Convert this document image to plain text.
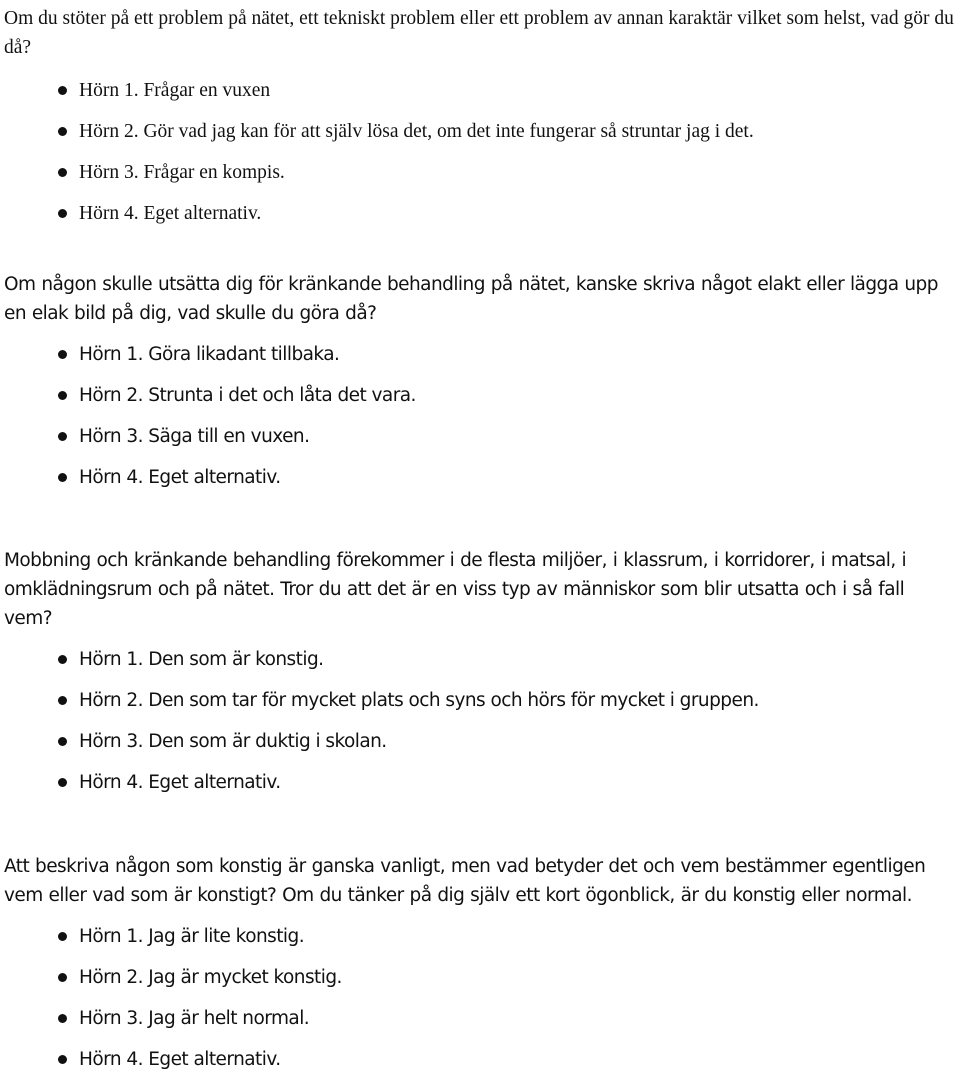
Om du stöter på ett problem på nätet, ett tekniskt problem eller ett problem av annan karaktär vilket som helst, vad gör du då?

Hörn 1. Frågar en vuxen
Hörn 2. Gör vad jag kan för att själv lösa det, om det inte fungerar så struntar jag i det.
Hörn 3. Frågar en kompis.
Hörn 4. Eget alternativ.

Om någon skulle utsätta dig för kränkande behandling på nätet, kanske skriva något elakt eller lägga upp en elak bild på dig, vad skulle du göra då?

Hörn 1. Göra likadant tillbaka.
Hörn 2. Strunta i det och låta det vara.
Hörn 3. Säga till en vuxen.
Hörn 4. Eget alternativ.

Mobbning och kränkande behandling förekommer i de flesta miljöer, i klassrum, i korridorer, i matsal, i omklädningsrum och på nätet. Tror du att det är en viss typ av människor som blir utsatta och i så fall vem?

Hörn 1. Den som är konstig.
Hörn 2. Den som tar för mycket plats och syns och hörs för mycket i gruppen.
Hörn 3. Den som är duktig i skolan.
Hörn 4. Eget alternativ.

Att beskriva någon som konstig är ganska vanligt, men vad betyder det och vem bestämmer egentligen vem eller vad som är konstigt? Om du tänker på dig själv ett kort ögonblick, är du konstig eller normal.

Hörn 1. Jag är lite konstig.
Hörn 2. Jag är mycket konstig.
Hörn 3. Jag är helt normal.
Hörn 4. Eget alternativ.
